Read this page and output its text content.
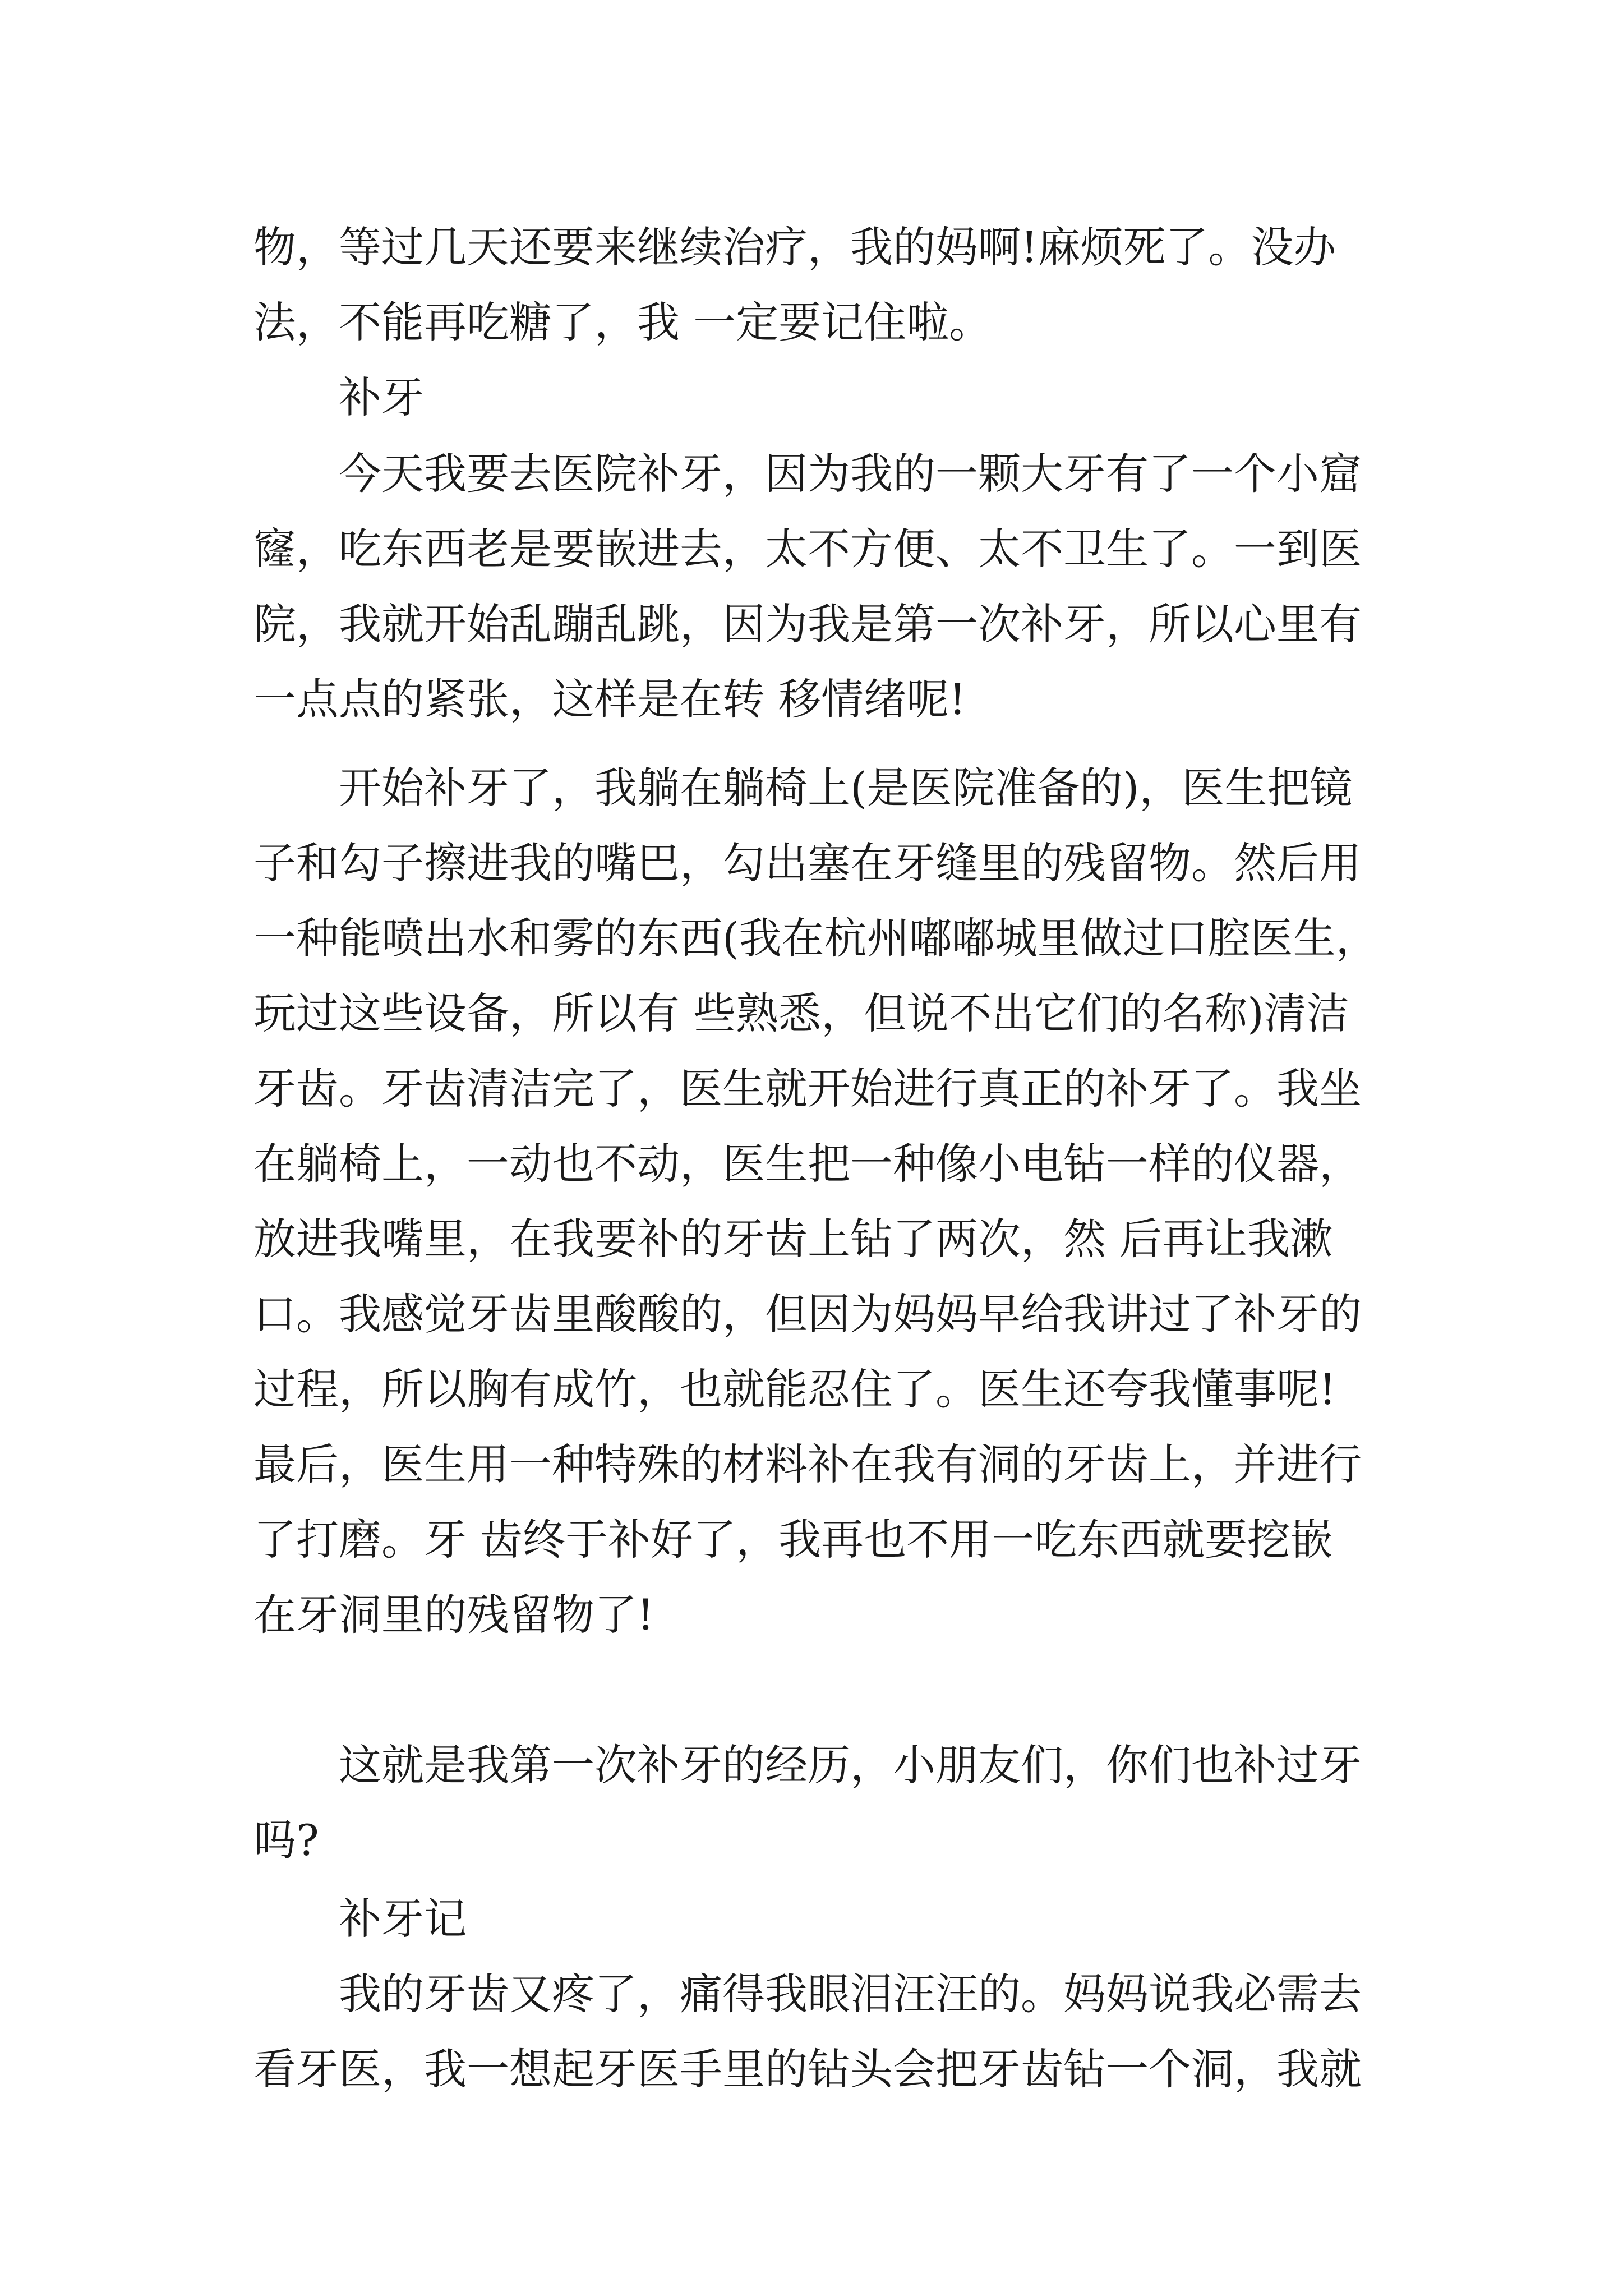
物，等过几天还要来继续治疗，我的妈啊!麻烦死了。没办
法，不能再吃糖了，我 一定要记住啦。
补牙
今天我要去医院补牙，因为我的一颗大牙有了一个小窟
窿，吃东西老是要嵌进去，太不方便、太不卫生了。一到医
院，我就开始乱蹦乱跳，因为我是第一次补牙，所以心里有
一点点的紧张，这样是在转 移情绪呢!
开始补牙了，我躺在躺椅上(是医院准备的)，医生把镜
子和勾子擦进我的嘴巴，勾出塞在牙缝里的残留物。然后用
一种能喷出水和雾的东西(我在杭州嘟嘟城里做过口腔医生，
玩过这些设备，所以有 些熟悉，但说不出它们的名称)清洁
牙齿。牙齿清洁完了，医生就开始进行真正的补牙了。我坐
在躺椅上，一动也不动，医生把一种像小电钻一样的仪器，
放进我嘴里，在我要补的牙齿上钻了两次，然 后再让我漱
口。我感觉牙齿里酸酸的，但因为妈妈早给我讲过了补牙的
过程，所以胸有成竹，也就能忍住了。医生还夸我懂事呢!
最后，医生用一种特殊的材料补在我有洞的牙齿上，并进行
了打磨。牙 齿终于补好了，我再也不用一吃东西就要挖嵌
在牙洞里的残留物了!
这就是我第一次补牙的经历，小朋友们，你们也补过牙
吗?
补牙记
我的牙齿又疼了，痛得我眼泪汪汪的。妈妈说我必需去
看牙医，我一想起牙医手里的钻头会把牙齿钻一个洞，我就
